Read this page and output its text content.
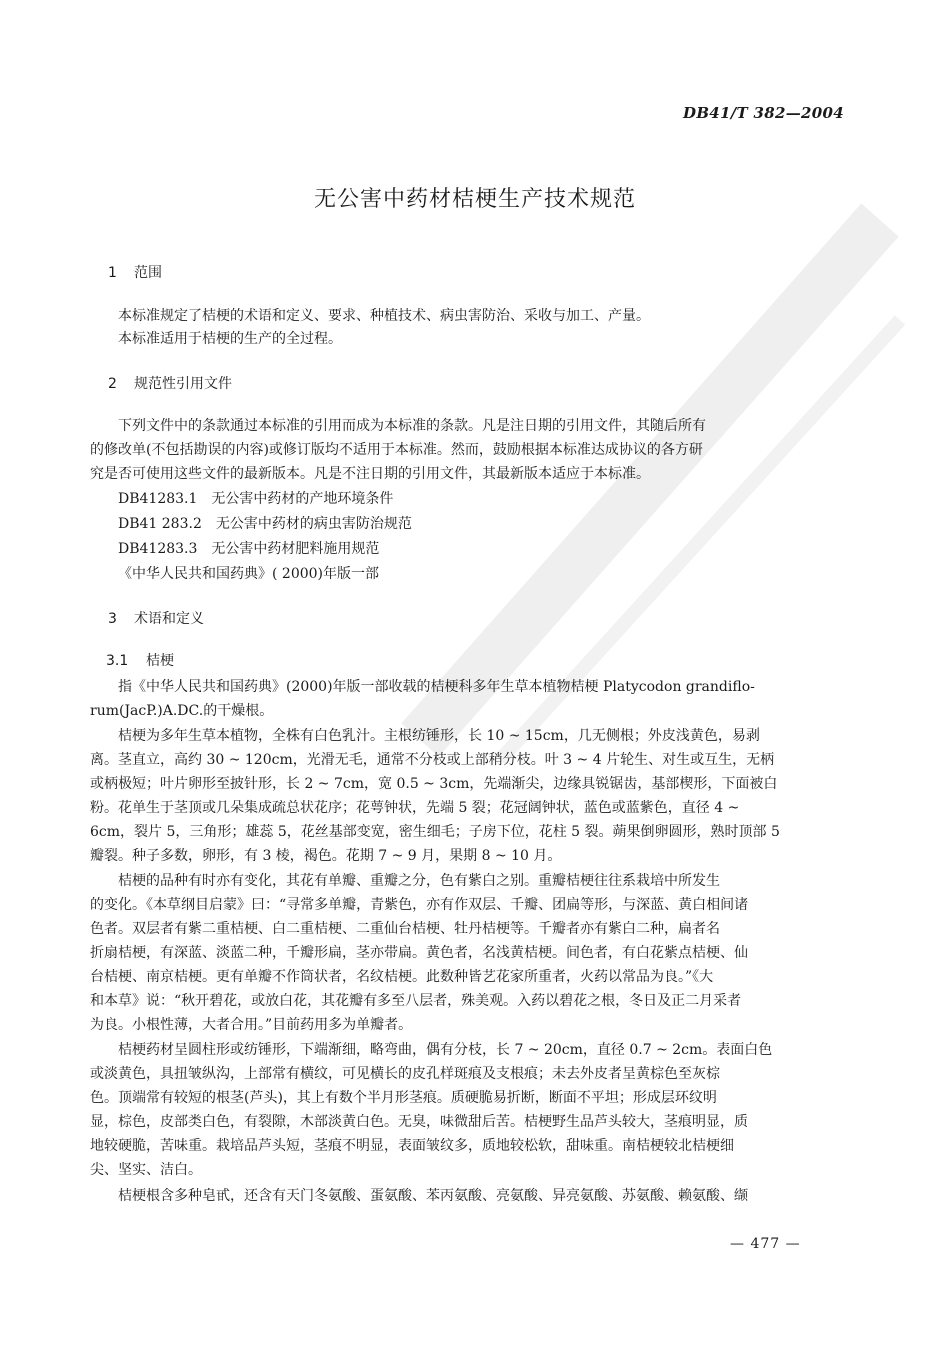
DB41/T 382—2004
无公害中药材桔梗生产技术规范
1 范围
本标准规定了桔梗的术语和定义、要求、种植技术、病虫害防治、采收与加工、产量。
本标准适用于桔梗的生产的全过程。
2 规范性引用文件
下列文件中的条款通过本标准的引用而成为本标准的条款。凡是注日期的引用文件，其随后所有
的修改单(不包括勘误的内容)或修订版均不适用于本标准。然而，鼓励根据本标准达成协议的各方研
究是否可使用这些文件的最新版本。凡是不注日期的引用文件，其最新版本适应于本标准。
DB41283.1　无公害中药材的产地环境条件
DB41 283.2　无公害中药材的病虫害防治规范
DB41283.3　无公害中药材肥料施用规范
《中华人民共和国药典》( 2000)年版一部
3 术语和定义
3.1 桔梗
指《中华人民共和国药典》(2000)年版一部收载的桔梗科多年生草本植物桔梗 Platycodon grandiflo-
rum(JacP.)A.DC.的干燥根。
桔梗为多年生草本植物，全株有白色乳汁。主根纺锤形，长 10 ~ 15cm，几无侧根；外皮浅黄色，易剥
离。茎直立，高约 30 ~ 120cm，光滑无毛，通常不分枝或上部稍分枝。叶 3 ~ 4 片轮生、对生或互生，无柄
或柄极短；叶片卵形至披针形，长 2 ~ 7cm，宽 0.5 ~ 3cm，先端渐尖，边缘具锐锯齿，基部楔形，下面被白
粉。花单生于茎顶或几朵集成疏总状花序；花萼钟状，先端 5 裂；花冠阔钟状，蓝色或蓝紫色，直径 4 ~
6cm，裂片 5，三角形；雄蕊 5，花丝基部变宽，密生细毛；子房下位，花柱 5 裂。蒴果倒卵圆形，熟时顶部 5
瓣裂。种子多数，卵形，有 3 棱，褐色。花期 7 ~ 9 月，果期 8 ~ 10 月。
桔梗的品种有时亦有变化，其花有单瓣、重瓣之分，色有紫白之别。重瓣桔梗往往系栽培中所发生
的变化。《本草纲目启蒙》曰：“寻常多单瓣，青紫色，亦有作双层、千瓣、团扁等形，与深蓝、黄白相间诸
色者。双层者有紫二重桔梗、白二重桔梗、二重仙台桔梗、牡丹桔梗等。千瓣者亦有紫白二种，扁者名
折扇桔梗，有深蓝、淡蓝二种，千瓣形扁，茎亦带扁。黄色者，名浅黄桔梗。间色者，有白花紫点桔梗、仙
台桔梗、南京桔梗。更有单瓣不作筒状者，名纹桔梗。此数种皆艺花家所重者，火药以常品为良。”《大
和本草》说：“秋开碧花，或放白花，其花瓣有多至八层者，殊美观。入药以碧花之根，冬日及正二月采者
为良。小根性薄，大者合用。”目前药用多为单瓣者。
桔梗药材呈圆柱形或纺锤形，下端渐细，略弯曲，偶有分枝，长 7 ~ 20cm，直径 0.7 ~ 2cm。表面白色
或淡黄色，具扭皱纵沟，上部常有横纹，可见横长的皮孔样斑痕及支根痕；未去外皮者呈黄棕色至灰棕
色。顶端常有较短的根茎(芦头)，其上有数个半月形茎痕。质硬脆易折断，断面不平坦；形成层环纹明
显，棕色，皮部类白色，有裂隙，木部淡黄白色。无臭，味微甜后苦。桔梗野生品芦头较大，茎痕明显，质
地较硬脆，苦味重。栽培品芦头短，茎痕不明显，表面皱纹多，质地较松软，甜味重。南桔梗较北桔梗细
尖、坚实、洁白。
桔梗根含多种皂甙，还含有天门冬氨酸、蛋氨酸、苯丙氨酸、亮氨酸、异亮氨酸、苏氨酸、赖氨酸、缬
— 477 —
